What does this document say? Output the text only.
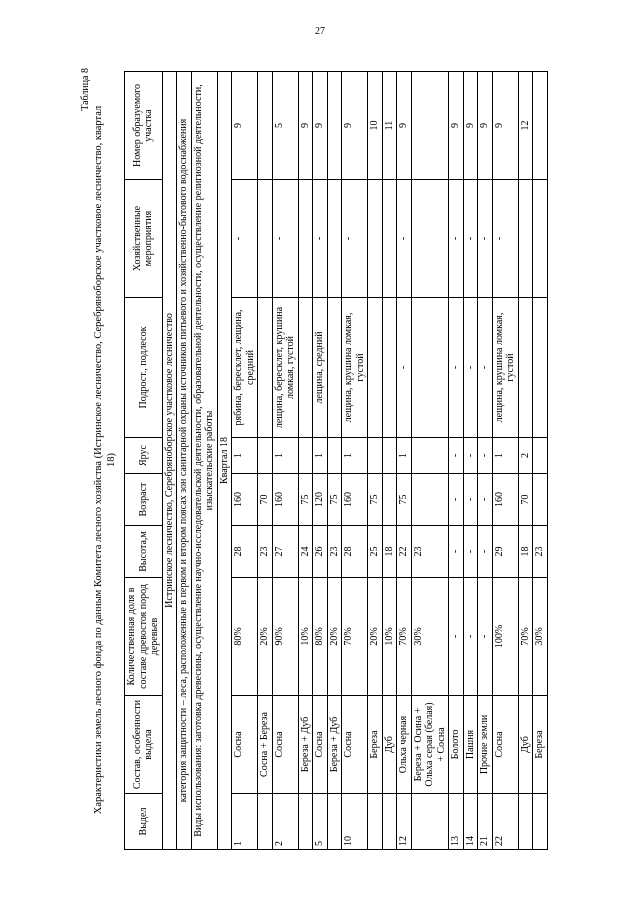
27
Таблица 8
Характеристики земель лесного фонда по данным Комитета лесного хозяйства (Истринское лесничество, Серебряноборское участковое лесничество, квартал 18)
Выдел	Состав, особенности выдела	Количественная доля в составе древостоя пород деревьев	Высота,м	Возраст	Ярус	Подрост., подлесок	Хозяйственные мероприятия	Номер образуемого участка
Истринское лесничество, Серебряноборское участковое лесничество								
категория защитности – леса, расположенные в первом и втором поясах зон санитарной охраны источников питьевого и хозяйственно-бытового водоснабжения								
Виды использования: заготовка древесины, осуществление научно-исследовательской деятельности, образовательной деятельности, осуществление религиозной деятельности, изыскательские работы								
Квартал 18								
1	Сосна	80%	28	160	1	рябина, бересклет, лещина, средний	-	9
	Сосна + Береза	20%	23	70				
2	Сосна	90%	27	160	1	лещина, бересклет, крушина ломкая, густой	-	5
	Береза + Дуб	10%	24	75				9
5	Сосна	80%	26	120	1	лещина, средний	-	9
	Береза + Дуб	20%	23	75				
10	Сосна	70%	28	160	1	лещина, крушина ломкая, густой	-	9
	Береза	20%	25	75				10
	Дуб	10%	18					11
12	Ольха черная	70%	22	75	1	-	-	9
	Береза + Осина + Ольха серая (белая) + Сосна	30%	23					
13	Болото	-	-	-	-	-	-	9
14	Пашня	-	-	-	-	-	-	9
21	Прочие земли	-	-	-	-	-	-	9
22	Сосна	100%	29	160	1	лещина, крушина ломкая, густой	-	9
	Дуб	70%	18	70	2			12
	Береза	30%	23					
